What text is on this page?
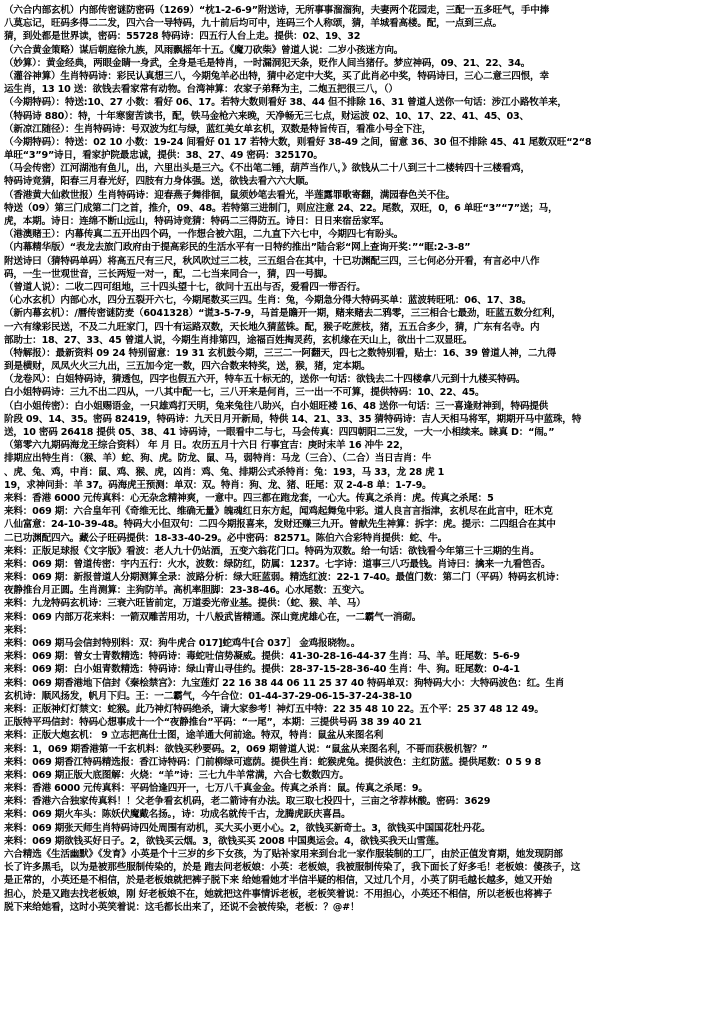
（六合内部玄机）内部传密谜防密码（1269）“枕1-2-6-9”附送诗，无所事事溜溜狗，夫妻两个花园走，三配一五多旺气，手中捧
八莫忘记，旺码多得二二发，四六合一导特码，九十前后均可中，连码三个人称颂，猜，羊城看高楼。配，一点到三点。
猜，到处都是世界读，密码：55728 特码诗：四五行人台上走。提供：02、19、32
（六合黄金策略）谋后朝庭徐九族，风雨飘摇年十五。《魔刀砍柴》曾道人说：二岁小孩迷方向。
（妙算）：黄金经典，两眼金睛一身武，全身是毛是特肖，一时漏洞犯天条，贬作人间当猪仔。梦应神码，09、21、22、34。
（灌谷神算）生肖特码诗：彩民认真想三八，今期兔羊必出特，猜中必定中大奖，买了此肖必中奖，特码诗曰，三心二意三四恨，幸
运生肖，13 10 送：欲钱去看家常有动物。台湾神算：农家子弟释为主，二炮五把很三八，（）
（今期特码）：特送:10、27 小数：看好 06、17。若特大数则看好 38、44 但不排除 16、31 曾道人送你一句话：涉江小路牧羊来，
（特码诗 880）：特，十年寒窗苦读书，配，铁马金枪六来晚，天净畅无三七点，财运波 02、10、17、22、41、45、03、
（新凉江随径）：生肖特码诗：号双波为红与绿，蓝红美女单玄机，双数是特旨传百，看准小号全下注，
（今期特码）：特送：02 10 小数：19-24 间看好 01 17 若特大数，则看好 38-49 之间，留意 36、30 但不排除 45、41 尾数双旺“2“8
单旺“3”9”诗日，看家护院最忠诚，提供：38、27、49 密码：325170。
（马会传密）江河湖池有鱼儿，出，六里出头是三六。《不出笔二锤，葫芦当作八，》欲钱从二十八到三十二楼转四十三楼看鸡，
特码诗竞猜，阳春三月春光好，四肢有力身体强。送，欲钱去看六六大顺。
（香港黄大仙救世报）生肖特码诗：迎春燕子舞徘徊，鼠须妙笔去看光，半莲露罪歌寄翻，满园春色关不住。
特送（09）第三门成第二门之首，推介，09、48。若特第三进制门，则应注意 24、22。尾数，双旺，0，6 单旺“3”“7”送；马，
虎，本期。诗日：连绵不断山远山，特码诗竞猜：特码二三得防五。诗日：日日来宿岳家军。
（港澳赌王）：内幕传真二五开出四个码，一作想合被六阻，二九直下六七中，今期四七有盼头。
（内幕精华版）“表龙去旅门政府由于提高彩民的生活水平有一日特约推出”陆合彩“网上查询开奖：”“眶:2-3-8”
附送诗曰（猜特码单码）将高五尺有三尺，秋风吹过三二枝，三五组合在其中，十已功渊配三四，三七何必分开看，有言必中八作
码，一生一世观世音，三长两短一对一，配，二七当来同合一，猜，四一号脚。
（曾道人说）：二收二四可组地，三十四头望十七，欲问十五出与否，爱看四一带否行。
（心水玄机）内部心水，四分五裂开六七，今期尾数买三四。生肖：兔，今期急分得大特码买单：蓝波转旺吼：06、17、38。
（新内幕玄机）：/曆传密谜防麦（6041328）“谎3-5-7-9，马首是瞻开一期，赌来赌去二鸦零，三三相合七最劲，旺蓝五数分红利，
一六有缘彩民送，不及二九旺家门，四十有运路双数，天长地久猜蓝铢。配，猴子吃蔗枝，猪，五五合多少，猜，广东有名寺。内
部助士：18、27、33、45 曾道人说，今期生肖排第四，途福百姓掏灵药，玄机缘在天山上，欲出十二双显旺。
（特解报）：最新资料 09 24 特别留意：19 31 玄机鼓今期，三三二一阿翻天，四七之数特别看，贴士：16、39 曾道人神，二九得
到是横财，凤凤火火三九出，三五加今定一数，四六合数来特奖，送，猴，猪，定本期。
（龙卷风）：白姐特码诗，猜透包，四字也假五六开，特车五十标无的，送你一句话：欲钱去二十四楼拿八元到十九楼买特码。
白小姐特码诗：三九不出二四从，一八其中配一七，三八开来是何肖，三一出一不可算，提供特码：10、22、45。
（白小姐传密）：白小姐赐语金，一只雄鸡打天明，兔来兔往八助兴，白小姐旺褛 16、48 送你一句话：三一喜逢财神到，特码提供
阶段 09、14、35。密码 82419，特码诗：九天日月开新局，特供 14、21、33、35 猜特码诗：吉人天相马将军，期期开马中蓝珠，特
送，10 密码 26418 提供 05、38、41 诗码诗，一眼看中二与七，马会传真：四四朝阳二三发，一大一小相续来。睐真 D：“闹。”
（第零六九期码海龙王综合资料） 年 月 日。农历五月十六日 行事宜吉：庚时末羊 16 冲牛 22，
排期应出特生肖：（猴、羊）蛇、狗、虎。防龙、鼠、马，弱特肖：马龙（三合）、（二合）当日吉肖：牛
、虎、兔、鸡，中肖：鼠、鸡、猴、虎，凶肖：鸡、兔、排期公式杀特肖：兔：193，马 33，龙 28 虎 1
19，求神问卦：羊 37。码海虎王预测：单双：双。特肖：狗、龙、猪、旺尾：双 2-4-8 单：1-7-9。
来料：香港 6000 元传真料：心无杂念精神爽，一意中。四三都在跑龙套，一心大。传真之杀肖：虎。传真之杀尾：5
来料：069 期：六合皇年刊《奇维无比、维确无量》魄魂红日东方起，闻鸡起舞兔中彩。道人良言言指津，玄机尽在此言中，旺木克
八仙富意：24-10-39-48。特码大小但双句：二四今期报喜来，发财还赚三九开。曾献先生神算：拆字：虎。提示：二四组合在其中
二已功渊配四六。藏公子旺码提供：18-33-40-29。必中密码：82571。陈伯六合彩特肖提供：蛇、牛。
来料：正版足球报《文字版》看波：老人九十仍站酒，五变六翁花门口。特码为双数。给一句话：欲钱看今年第三十三期的生肖。
来料：069 期：曾道传密：宇内五行：火水，波数：绿防红，防属：1237。七字诗：道事三八巧最钱。肖诗曰：擒来一九看笆否。
来料：069 期：新报普道人分期测算全录：波路分析：绿大旺蓝弱。精选红波：22-1 7-40。最值门数：第二门（平码）特码玄机诗：
夜静推台月正圆。生肖测算：主狗防羊。高机率胆脚：23-38-46。心水尾数：五变六。
来料：九龙特码玄机诗：三衰六旺皆前定，万道委光帝业基。提供：（蛇、猴、羊、马）
来料：069 内部万花来料：一箭双雕苦用功，十八般武皆精通。深山竟虎雄心在，一二霸气一消砌。
来料：
来料：069 期马会信封特别料：双：狗牛虎合 017]蛇鸡牛[合 037］ 金鸡报晓物。。
来料：069 期：曾女士青数精选：特码诗：毒蛇吐信势凝威。提供：41-30-28-16-44-37 生肖：马、羊。旺尾数：5-6-9
来料：069 期：白小姐青数精选：特码诗：绿山青山寻佳约。提供：28-37-15-28-36-40 生肖：牛、狗。旺尾数：0-4-1
来料：069 期香港地下信封《秦桧禁宫》：九宝莲灯 22 16 38 44 06 11 25 37 40 特码单双：狗特码大小：大特码波色：红。生肖
玄机诗：顺风扬发，帆月下归。王：一二霸气，今午合位：01-44-37-29-06-15-37-24-38-10
来料：正版神灯灯禁文：蛇猴。此乃神灯特码绝杀，请大家参考！神灯五中特：22 35 48 10 22。五个平：25 37 48 12 49。
正版特平玛信封：特码心想事成十一个“夜静推台”平码：“一尾”，本期：三提供号码 38 39 40 21
来料：正版大炮玄机： 9 立志把高仕士图，途羊通大何前途。特双，特肖：鼠盆从来图名利
来料：1，069 期香港第一千玄机料：欲钱买秒要码。2，069 期曾道人说：“鼠盆从来图名利，不哥而获极机智？”
来料：069 期香江特码精选报：香江诗特码：门前柳绿可遮荫。提供生肖：蛇猴虎兔。提供波色：主红防蓝。提供尾数：0 5 9 8
来料：069 期正版大底图解：火烧：“羊”诗：三七九牛羊常满，六合七数数四方。
来料：香港 6000 元传真料：平码恰逢四开一，七万八千真金金。传真之杀肖：鼠。传真之杀尾：9。
来料：香港六合独家传真料！！父老争看玄机码，老二箭诗有办法。取三取七投四十，三亩之爷荐林酸。密码：3629
来料：069 期火车头：陈妖伏魔戴名扬。，诗：功成名就传千古，龙腾虎跃庆喜昌。
来料：069 期张天师生肖特码诗四处周围有动机，买大买小更小心。2，欲钱买新奇士。3，欲钱买中国国花牡丹花。
来料：069 期欲钱买好日子。2，欲钱买云烟。3，欲钱买买 2008 中国奥运会。4，欲钱买我天山雪莲。
六合精选《生活幽默》《发育》小英是个十三岁的乡下女孩，为了贴补家用来到台北一家作服装制的工厂，由於正值发育期，她发现阴部
长了许多黑毛，以为是被那些服制传染的，於是 跑去问老板娘：小英：老板娘，我被服制传染了，我下面长了好多毛！老板娘：傻孩子，这
是正常的，小英还是不相信，於是老板娘就把裤子脱下来 给她看她才半信半疑的相信，又过几个月，小英了阴毛越长越多，她又开始
担心，於是又跑去找老板娘，刚 好老板娘不在，她就把这件事情诉老板，老板笑着说：不用担心，小英还不相信，所以老板也将裤子
脱下来给她看，这时小英笑着说：这毛都长出来了，还说不会被传染，老板：？@#！
